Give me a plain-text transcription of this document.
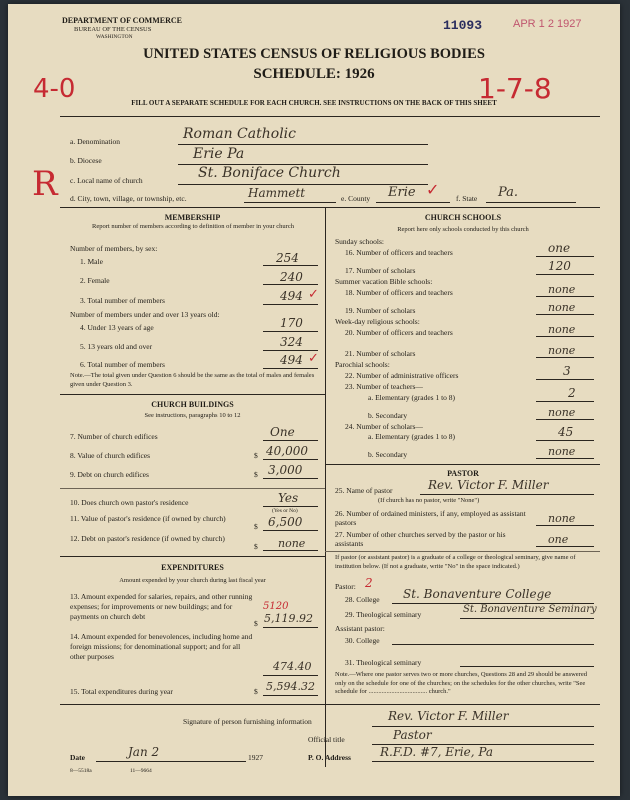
DEPARTMENT OF COMMERCE
BUREAU OF THE CENSUS
WASHINGTON
11093	APR 1 2 1927
UNITED STATES CENSUS OF RELIGIOUS BODIES
SCHEDULE: 1926
FILL OUT A SEPARATE SCHEDULE FOR EACH CHURCH. SEE INSTRUCTIONS ON THE BACK OF THIS SHEET
4-0	1-7-8
R
a. Denomination	Roman Catholic
b. Diocese	Erie Pa
c. Local name of church	St. Boniface Church
d. City, town, village, or township, etc.	Hammett	e. County Erie ✓ f. State Pa.
MEMBERSHIP
Report number of members according to definition of member in your church
Number of members, by sex:
1. Male	254
2. Female	240
3. Total number of members	494 ✓
Number of members under and over 13 years old:
4. Under 13 years of age	170
5. 13 years old and over	324
6. Total number of members	494 ✓
Note.—The total given under Question 6 should be the same as the total of males and females given under Question 3.
CHURCH BUILDINGS
See instructions, paragraphs 10 to 12
7. Number of church edifices	One
8. Value of church edifices	$ 40,000
9. Debt on church edifices	$ 3,000
10. Does church own pastor's residence	Yes
(Yes or No)
11. Value of pastor's residence (if owned by church)
$ 6,500
12. Debt on pastor's residence (if owned by church)
$ none
EXPENDITURES
Amount expended by your church during last fiscal year
13. Amount expended for salaries, repairs, and other running expenses; for improvements or new buildings; and for payments on church debt
5120
$ 5,119.92
14. Amount expended for benevolences, including home and foreign missions; for denominational support; and for all other purposes
474.40
15. Total expenditures during year	$ 5,594.32
CHURCH SCHOOLS
Report here only schools conducted by this church
Sunday schools:
16. Number of officers and teachers	one
17. Number of scholars	120
Summer vacation Bible schools:
18. Number of officers and teachers	none
19. Number of scholars	none
Week-day religious schools:
20. Number of officers and teachers	none
21. Number of scholars	none
Parochial schools:
22. Number of administrative officers	3
23. Number of teachers—
a. Elementary (grades 1 to 8)	2
b. Secondary	none
24. Number of scholars—
a. Elementary (grades 1 to 8)	45
b. Secondary	none
PASTOR
25. Name of pastor	Rev. Victor F. Miller
(If church has no pastor, write "None")
26. Number of ordained ministers, if any, employed as assistant pastors	none
27. Number of other churches served by the pastor or his assistants	one
If pastor (or assistant pastor) is a graduate of a college or theological seminary, give name of institution below. (If not a graduate, write "No" in the space indicated.)
Pastor: 2
28. College St. Bonaventure College
29. Theological seminary	St. Bonaventure Seminary
Assistant pastor:
30. College
31. Theological seminary
Note.—Where one pastor serves two or more churches, Questions 28 and 29 should be answered only on the schedule for one of the churches; on the schedules for the other churches, write "See schedule for .................................... church."
Signature of person furnishing information	Rev. Victor F. Miller
Official title	Pastor
Date	Jan 2	1927	P. O. Address R.F.D. #7, Erie, Pa
8—5518a	11—9664
